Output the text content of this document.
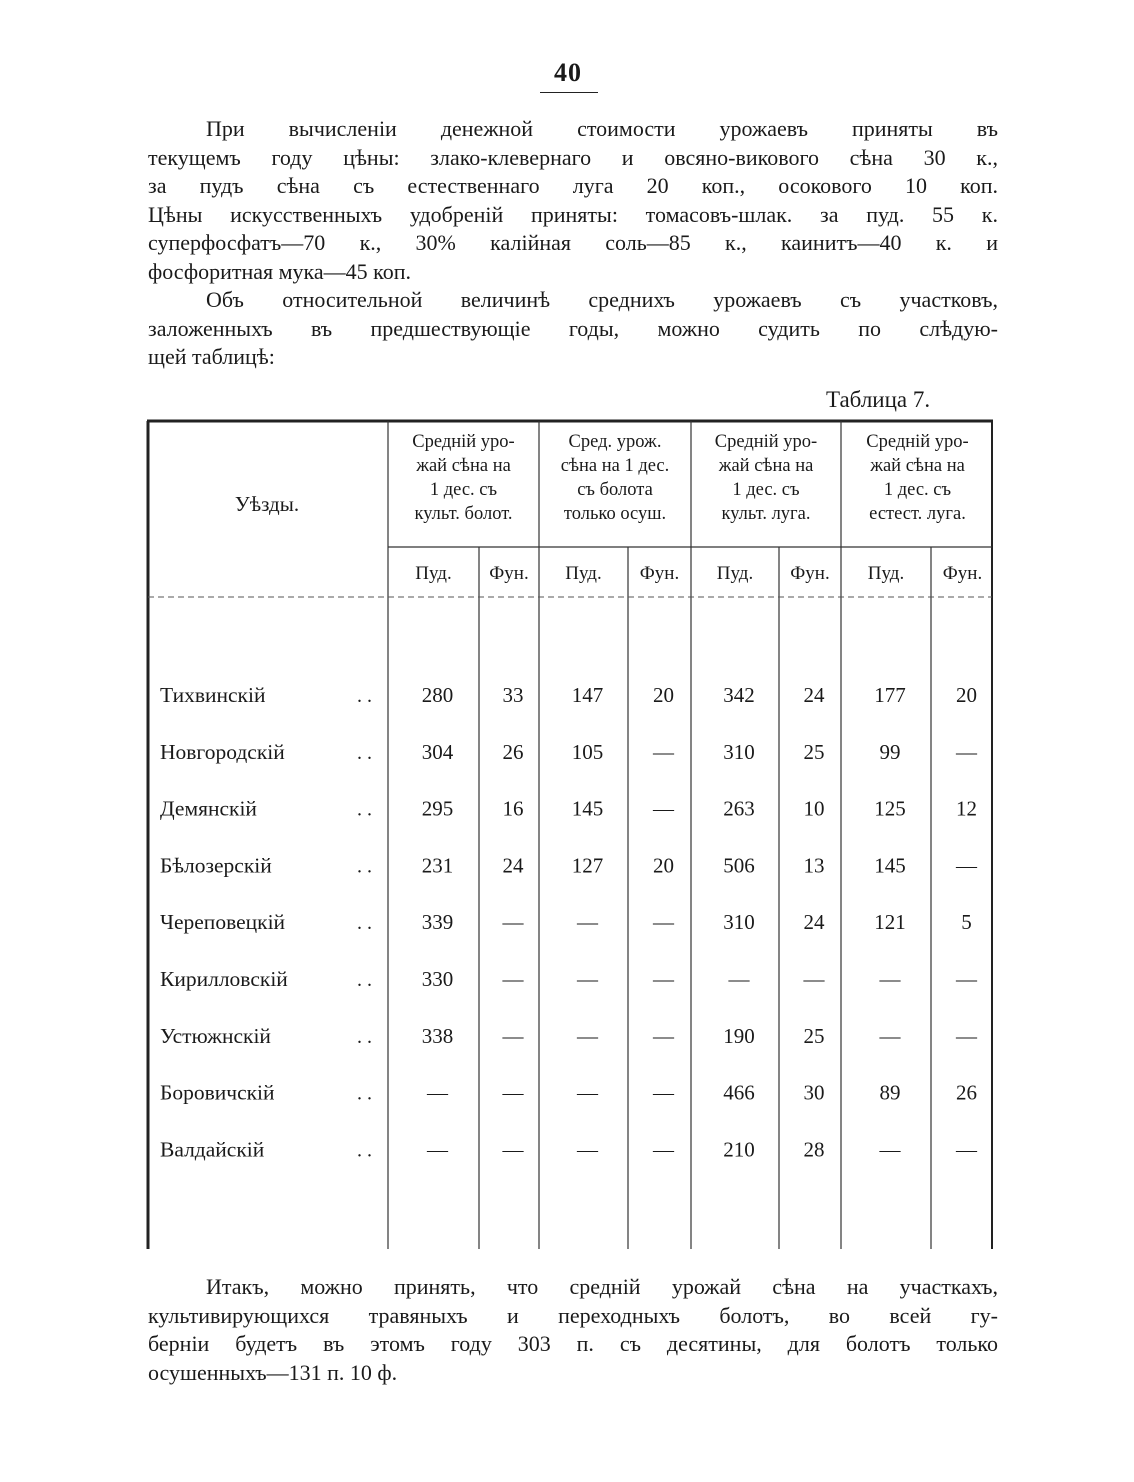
40
При вычисленіи денежной стоимости урожаевъ приняты въ
текущемъ году цѣны: злако-клевернаго и овсяно-викового сѣна 30 к.,
за пудъ сѣна съ естественнаго луга 20 коп., осокового 10 коп.
Цѣны искусственныхъ удобреній приняты: томасовъ-шлак. за пуд. 55 к.
суперфосфатъ—70 к., 30% калійная соль—85 к., каинитъ—40 к. и
фосфоритная мука—45 коп.
Объ относительной величинѣ среднихъ урожаевъ съ участковъ,
заложенныхъ въ предшествующіе годы, можно судить по слѣдую-
щей таблицѣ:
Таблица 7.
Уѣзды.
Средній уро-
жай сѣна на
1 дес. съ
культ. болот.
Сред. урож.
сѣна на 1 дес.
съ болота
только осуш.
Средній уро-
жай сѣна на
1 дес. съ
культ. луга.
Средній уро-
жай сѣна на
1 дес. съ
естест. луга.
Пуд. Фун. Пуд. Фун. Пуд. Фун. Пуд. Фун.
Тихвинскій	. . 280 33 147 20 342 24 177 20
Новгородскій	. . 304 26 105 — 310 25	99	—
Демянскій	. . 295 16 145 — 263 10 125 12
Бѣлозерскій	. . 231 24 127 20 506 13 145 —
Череповецкій	. . 339 —	—	— 310 24 121	5
Кирилловскій	. . 330 —	—	—	—	—	—	—
Устюжнскій	. . 338 —	—	— 190 25	—	—
Боровичскій	. .	—	—	—	— 466 30	89	26
Валдайскій	. .	—	—	—	— 210 28	—	—
Итакъ, можно принять, что средній урожай сѣна на участкахъ,
культивирующихся травяныхъ и переходныхъ болотъ, во всей гу-
берніи будетъ въ этомъ году 303 п. съ десятины, для болотъ только
осушенныхъ—131 п. 10 ф.
